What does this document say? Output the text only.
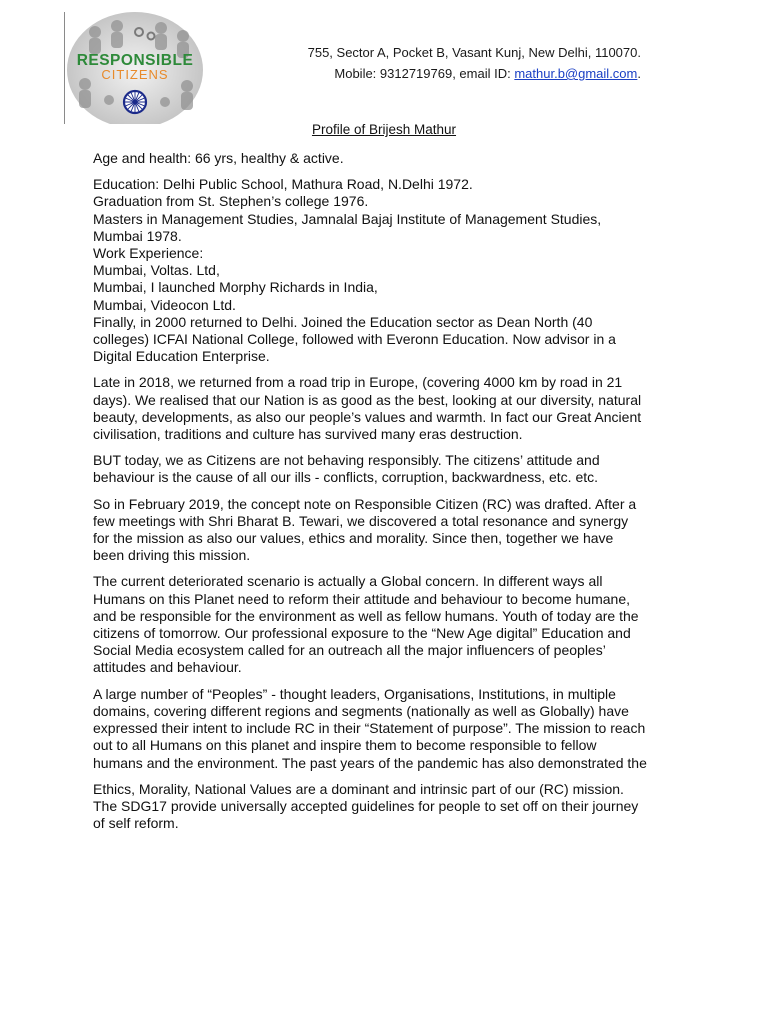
RESPONSIBLE
CITIZENS
755, Sector A, Pocket B, Vasant Kunj, New Delhi, 110070.
Mobile: 9312719769, email ID: mathur.b@gmail.com.
Profile of Brijesh Mathur

Age and health: 66 yrs, healthy & active.

Education: Delhi Public School, Mathura Road, N.Delhi 1972.
Graduation from St. Stephen’s college 1976.
Masters in Management Studies, Jamnalal Bajaj Institute of Management Studies, Mumbai 1978.
Work Experience:
Mumbai, Voltas. Ltd,
Mumbai, I launched Morphy Richards in India,
Mumbai, Videocon Ltd.
Finally, in 2000 returned to Delhi. Joined the Education sector as Dean North (40 colleges) ICFAI National College, followed with Everonn Education. Now advisor in a Digital Education Enterprise.

Late in 2018, we returned from a road trip in Europe, (covering 4000 km by road in 21 days). We realised that our Nation is as good as the best, looking at our diversity, natural beauty, developments, as also our people’s values and warmth. In fact our Great Ancient civilisation, traditions and culture has survived many eras destruction.

BUT today, we as Citizens are not behaving responsibly. The citizens’ attitude and behaviour is the cause of all our ills - conflicts, corruption, backwardness, etc. etc.

So in February 2019, the concept note on Responsible Citizen (RC) was drafted. After a few meetings with Shri Bharat B. Tewari, we discovered a total resonance and synergy for the mission as also our values, ethics and morality. Since then, together we have been driving this mission.

The current deteriorated scenario is actually a Global concern. In different ways all Humans on this Planet need to reform their attitude and behaviour to become humane, and be responsible for the environment as well as fellow humans. Youth of today are the citizens of tomorrow. Our professional exposure to the “New Age digital” Education and Social Media ecosystem called for an outreach all the major influencers of peoples’ attitudes and behaviour.

A large number of “Peoples” - thought leaders, Organisations, Institutions, in multiple domains, covering different regions and segments (nationally as well as Globally) have expressed their intent to include RC in their “Statement of purpose”. The mission to reach out to all Humans on this planet and inspire them to become responsible to fellow humans and the environment. The past years of the pandemic has also demonstrated the

Ethics, Morality, National Values are a dominant and intrinsic part of our (RC) mission. The SDG17 provide universally accepted guidelines for people to set off on their journey of self reform.
